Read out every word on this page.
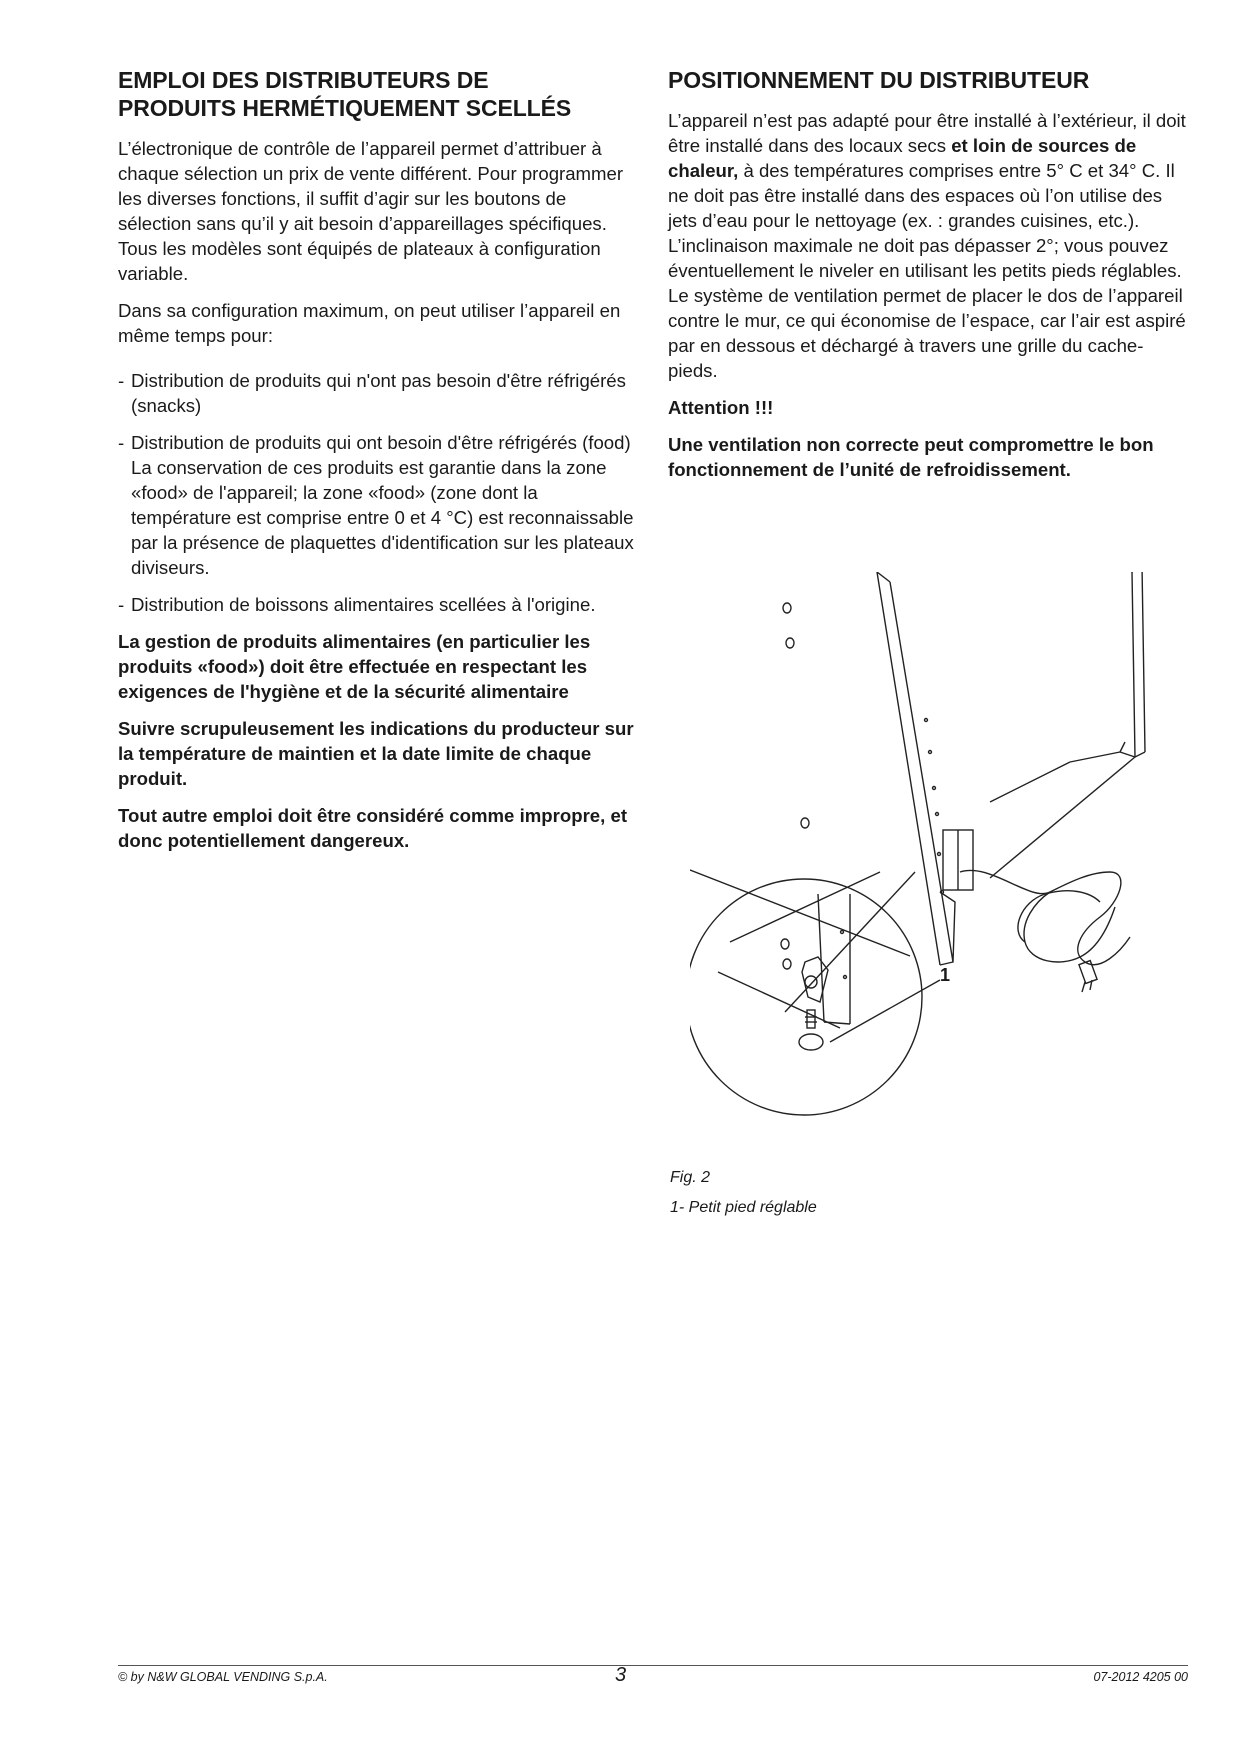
EMPLOI DES DISTRIBUTEURS DE
PRODUITS HERMÉTIQUEMENT SCELLÉS

L’électronique de contrôle de l’appareil permet d’attribuer à chaque sélection un prix de vente différent. Pour programmer les diverses fonctions, il suffit d’agir sur les boutons de sélection sans qu’il y ait besoin d’appareillages spécifiques.

Tous les modèles sont équipés de plateaux à configuration variable.

Dans sa configuration maximum, on peut utiliser l’appareil en même temps pour:

- Distribution de produits qui n'ont pas besoin d'être réfrigérés (snacks)
- Distribution de produits qui ont besoin d'être réfrigérés (food)
La conservation de ces produits est garantie dans la zone «food» de l'appareil; la zone «food» (zone dont la température est comprise entre 0 et 4 °C) est reconnaissable par la présence de plaquettes d'identification sur les plateaux diviseurs.
- Distribution de boissons alimentaires scellées à l'origine.

La gestion de produits alimentaires (en particulier les produits «food») doit être effectuée en respectant les exigences de l'hygiène et de la sécurité alimentaire

Suivre scrupuleusement les indications du producteur sur la température de maintien et la date limite de chaque produit.

Tout autre emploi doit être considéré comme impropre, et donc potentiellement dangereux.

POSITIONNEMENT DU DISTRIBUTEUR

L’appareil n’est pas adapté pour être installé à l’extérieur, il doit être installé dans des locaux secs et loin de sources de chaleur, à des températures comprises entre 5° C et 34° C. Il ne doit pas être installé dans des espaces où l’on utilise des jets d’eau pour le nettoyage (ex. : grandes cuisines, etc.).

L’inclinaison maximale ne doit pas dépasser 2°; vous pouvez éventuellement le niveler en utilisant les petits pieds réglables.

Le système de ventilation permet de placer le dos de l’appareil contre le mur, ce qui économise de l’espace, car l’air est aspiré par en dessous et déchargé à travers une grille du cache-pieds.

Attention !!!

Une ventilation non correcte peut compromettre le bon fonctionnement de l’unité de refroidissement.

1
Fig. 2
1- Petit pied réglable
© by N&W GLOBAL VENDING S.p.A.	3	07-2012 4205 00
